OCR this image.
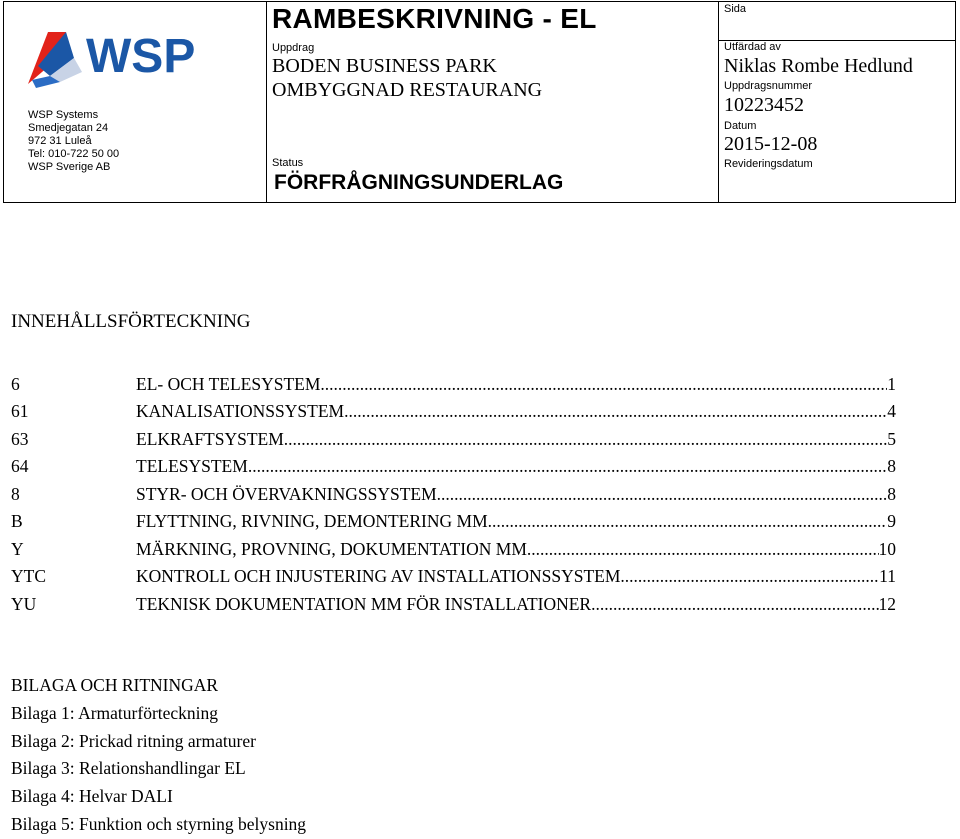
WSP
WSP Systems
Smedjegatan 24
972 31 Luleå
Tel: 010-722 50 00
WSP Sverige AB
RAMBESKRIVNING - EL
Uppdrag
BODEN BUSINESS PARK
OMBYGGNAD RESTAURANG
Status
FÖRFRÅGNINGSUNDERLAG
Sida
Utfärdad av
Niklas Rombe Hedlund
Uppdragsnummer
10223452
Datum
2015-12-08
Revideringsdatum
INNEHÅLLSFÖRTECKNING
6	EL- OCH TELESYSTEM .....	1
61	KANALISATIONSSYSTEM .....	4
63	ELKRAFTSYSTEM .....	5
64	TELESYSTEM .....	8
8	STYR- OCH ÖVERVAKNINGSSYSTEM .....	8
B	FLYTTNING, RIVNING, DEMONTERING MM .....	9
Y	MÄRKNING, PROVNING, DOKUMENTATION MM .....	10
YTC	KONTROLL OCH INJUSTERING AV INSTALLATIONSSYSTEM .....	11
YU	TEKNISK DOKUMENTATION MM FÖR INSTALLATIONER .....	12
BILAGA OCH RITNINGAR
Bilaga 1: Armaturförteckning
Bilaga 2: Prickad ritning armaturer
Bilaga 3: Relationshandlingar EL
Bilaga 4: Helvar DALI
Bilaga 5: Funktion och styrning belysning
